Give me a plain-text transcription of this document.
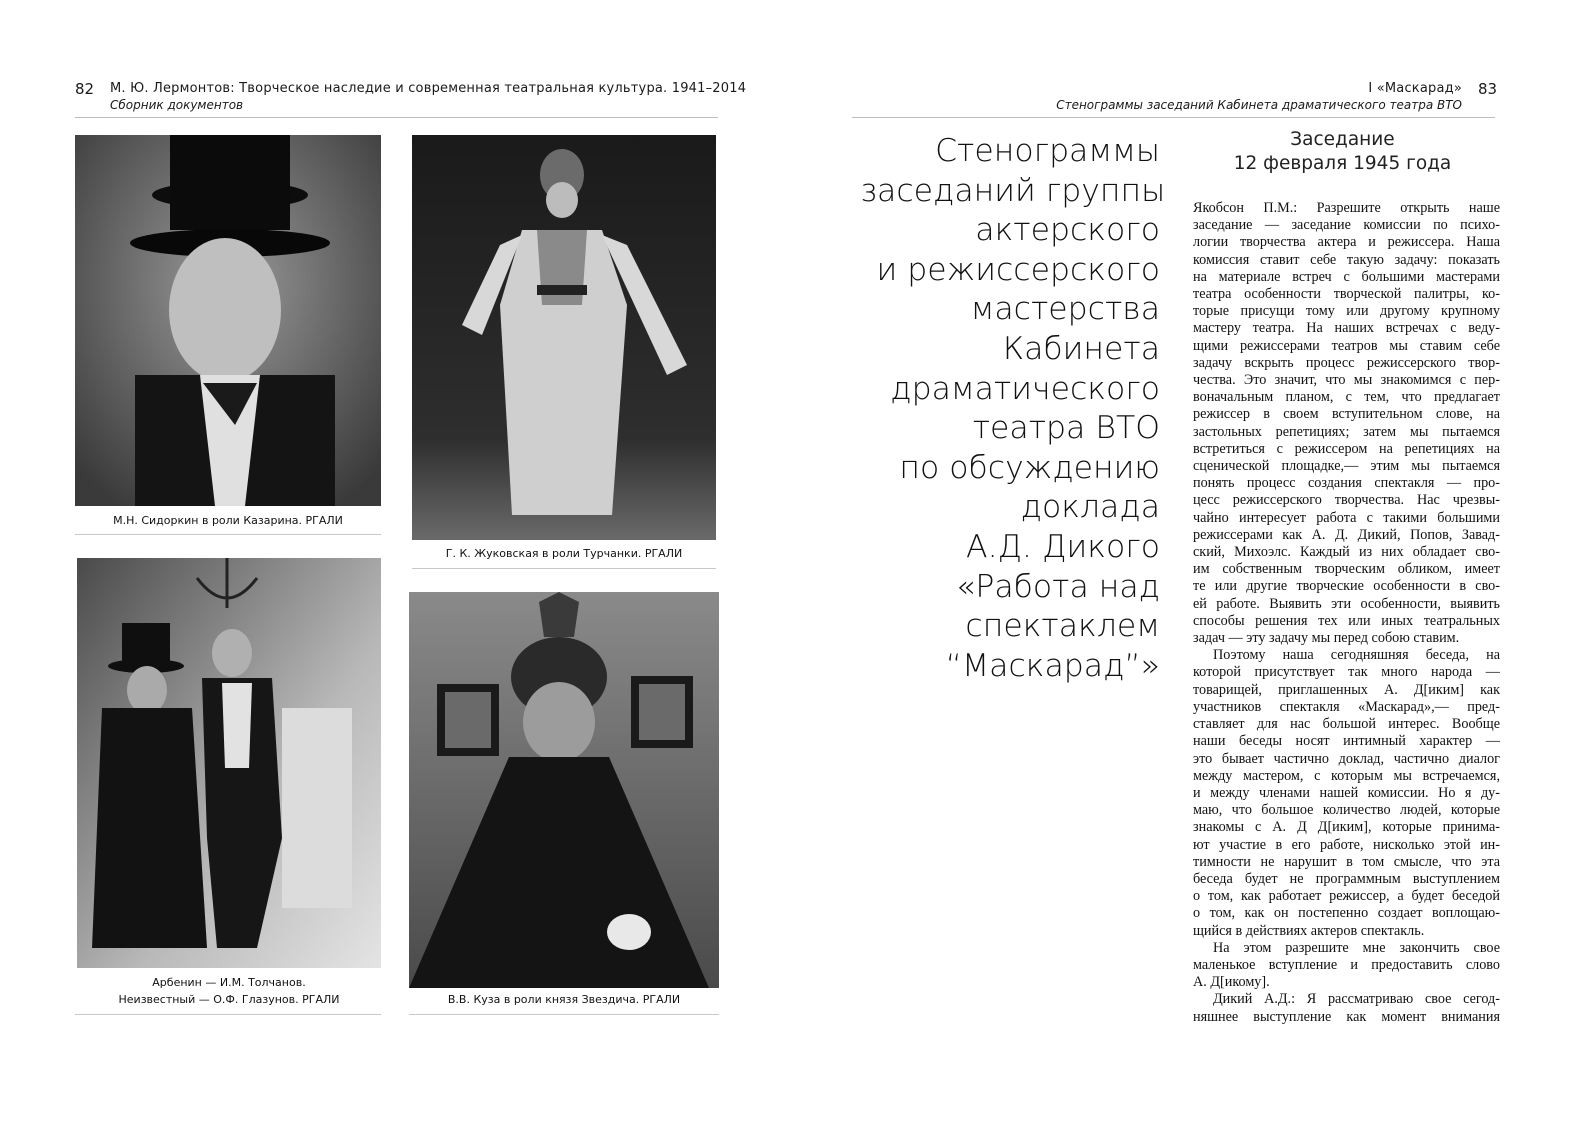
82 М. Ю. Лермонтов: Творческое наследие и современная театральная культура. 1941–2014
Сборник документов
М.Н. Сидоркин в роли Казарина. РГАЛИ
Г. К. Жуковская в роли Турчанки. РГАЛИ
Арбенин — И.М. Толчанов.
Неизвестный — О.Ф. Глазунов. РГАЛИ	В.В. Куза в роли князя Звездича. РГАЛИ
I «Маскарад» 83
Стенограммы заседаний Кабинета драматического театра ВТО
Стенограммы
заседаний группы
актерского
и режиссерского
мастерства
Кабинета
драматического
театра ВТО
по обсуждению
доклада
А.Д. Дикого
«Работа над
спектаклем
“Маскарад”»
Заседание
12 февраля 1945 года
Якобсон П.М.: Разрешите открыть наше
заседание — заседание комиссии по психо-
логии творчества актера и режиссера. Наша
комиссия ставит себе такую задачу: показать
на материале встреч с большими мастерами
театра особенности творческой палитры, ко-
торые присущи тому или другому крупному
мастеру театра. На наших встречах с веду-
щими режиссерами театров мы ставим себе
задачу вскрыть процесс режиссерского твор-
чества. Это значит, что мы знакомимся с пер-
воначальным планом, с тем, что предлагает
режиссер в своем вступительном слове, на
застольных репетициях; затем мы пытаемся
встретиться с режиссером на репетициях на
сценической площадке,— этим мы пытаемся
понять процесс создания спектакля — про-
цесс режиссерского творчества. Нас чрезвы-
чайно интересует работа с такими большими
режиссерами как А. Д. Дикий, Попов, Завад-
ский, Михоэлс. Каждый из них обладает сво-
им собственным творческим обликом, имеет
те или другие творческие особенности в сво-
ей работе. Выявить эти особенности, выявить
способы решения тех или иных театральных
задач — эту задачу мы перед собою ставим.
Поэтому наша сегодняшняя беседа, на
которой присутствует так много народа —
товарищей, приглашенных А. Д[иким] как
участников спектакля «Маскарад»,— пред-
ставляет для нас большой интерес. Вообще
наши беседы носят интимный характер —
это бывает частично доклад, частично диалог
между мастером, с которым мы встречаемся,
и между членами нашей комиссии. Но я ду-
маю, что большое количество людей, которые
знакомы с А. Д Д[иким], которые принима-
ют участие в его работе, нисколько этой ин-
тимности не нарушит в том смысле, что эта
беседа будет не программным выступлением
о том, как работает режиссер, а будет беседой
о том, как он постепенно создает воплощаю-
щийся в действиях актеров спектакль.
На этом разрешите мне закончить свое
маленькое вступление и предоставить слово
А. Д[икому].
Дикий А.Д.: Я рассматриваю свое сегод-
няшнее выступление как момент внимания
